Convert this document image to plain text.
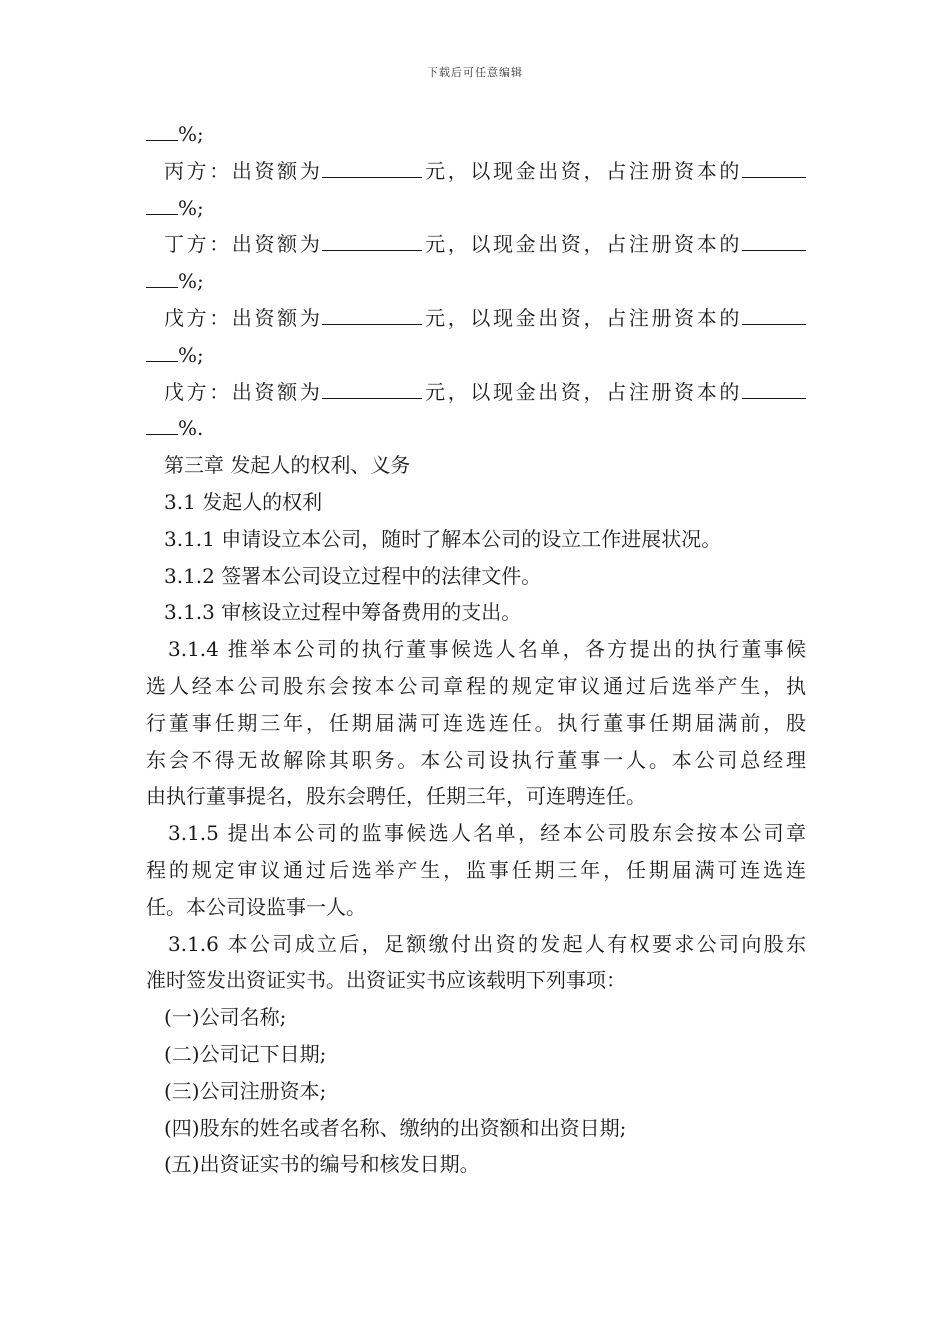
下载后可任意编辑
%;
丙方：出资额为	元，以现金出资，占注册资本的
%;
丁方：出资额为	元，以现金出资，占注册资本的
%;
戊方：出资额为	元，以现金出资，占注册资本的
%;
戊方：出资额为	元，以现金出资，占注册资本的
%.
第三章 发起人的权利、义务
3.1 发起人的权利
3.1.1 申请设立本公司，随时了解本公司的设立工作进展状况。
3.1.2 签署本公司设立过程中的法律文件。
3.1.3 审核设立过程中筹备费用的支出。
3.1.4 推举本公司的执行董事候选人名单，各方提出的执行董事候
选人经本公司股东会按本公司章程的规定审议通过后选举产生，执
行董事任期三年，任期届满可连选连任。执行董事任期届满前，股
东会不得无故解除其职务。本公司设执行董事一人。本公司总经理
由执行董事提名，股东会聘任，任期三年，可连聘连任。
3.1.5 提出本公司的监事候选人名单，经本公司股东会按本公司章
程的规定审议通过后选举产生，监事任期三年，任期届满可连选连
任。本公司设监事一人。
3.1.6 本公司成立后，足额缴付出资的发起人有权要求公司向股东
准时签发出资证实书。出资证实书应该载明下列事项：
(一)公司名称;
(二)公司记下日期;
(三)公司注册资本;
(四)股东的姓名或者名称、缴纳的出资额和出资日期;
(五)出资证实书的编号和核发日期。
